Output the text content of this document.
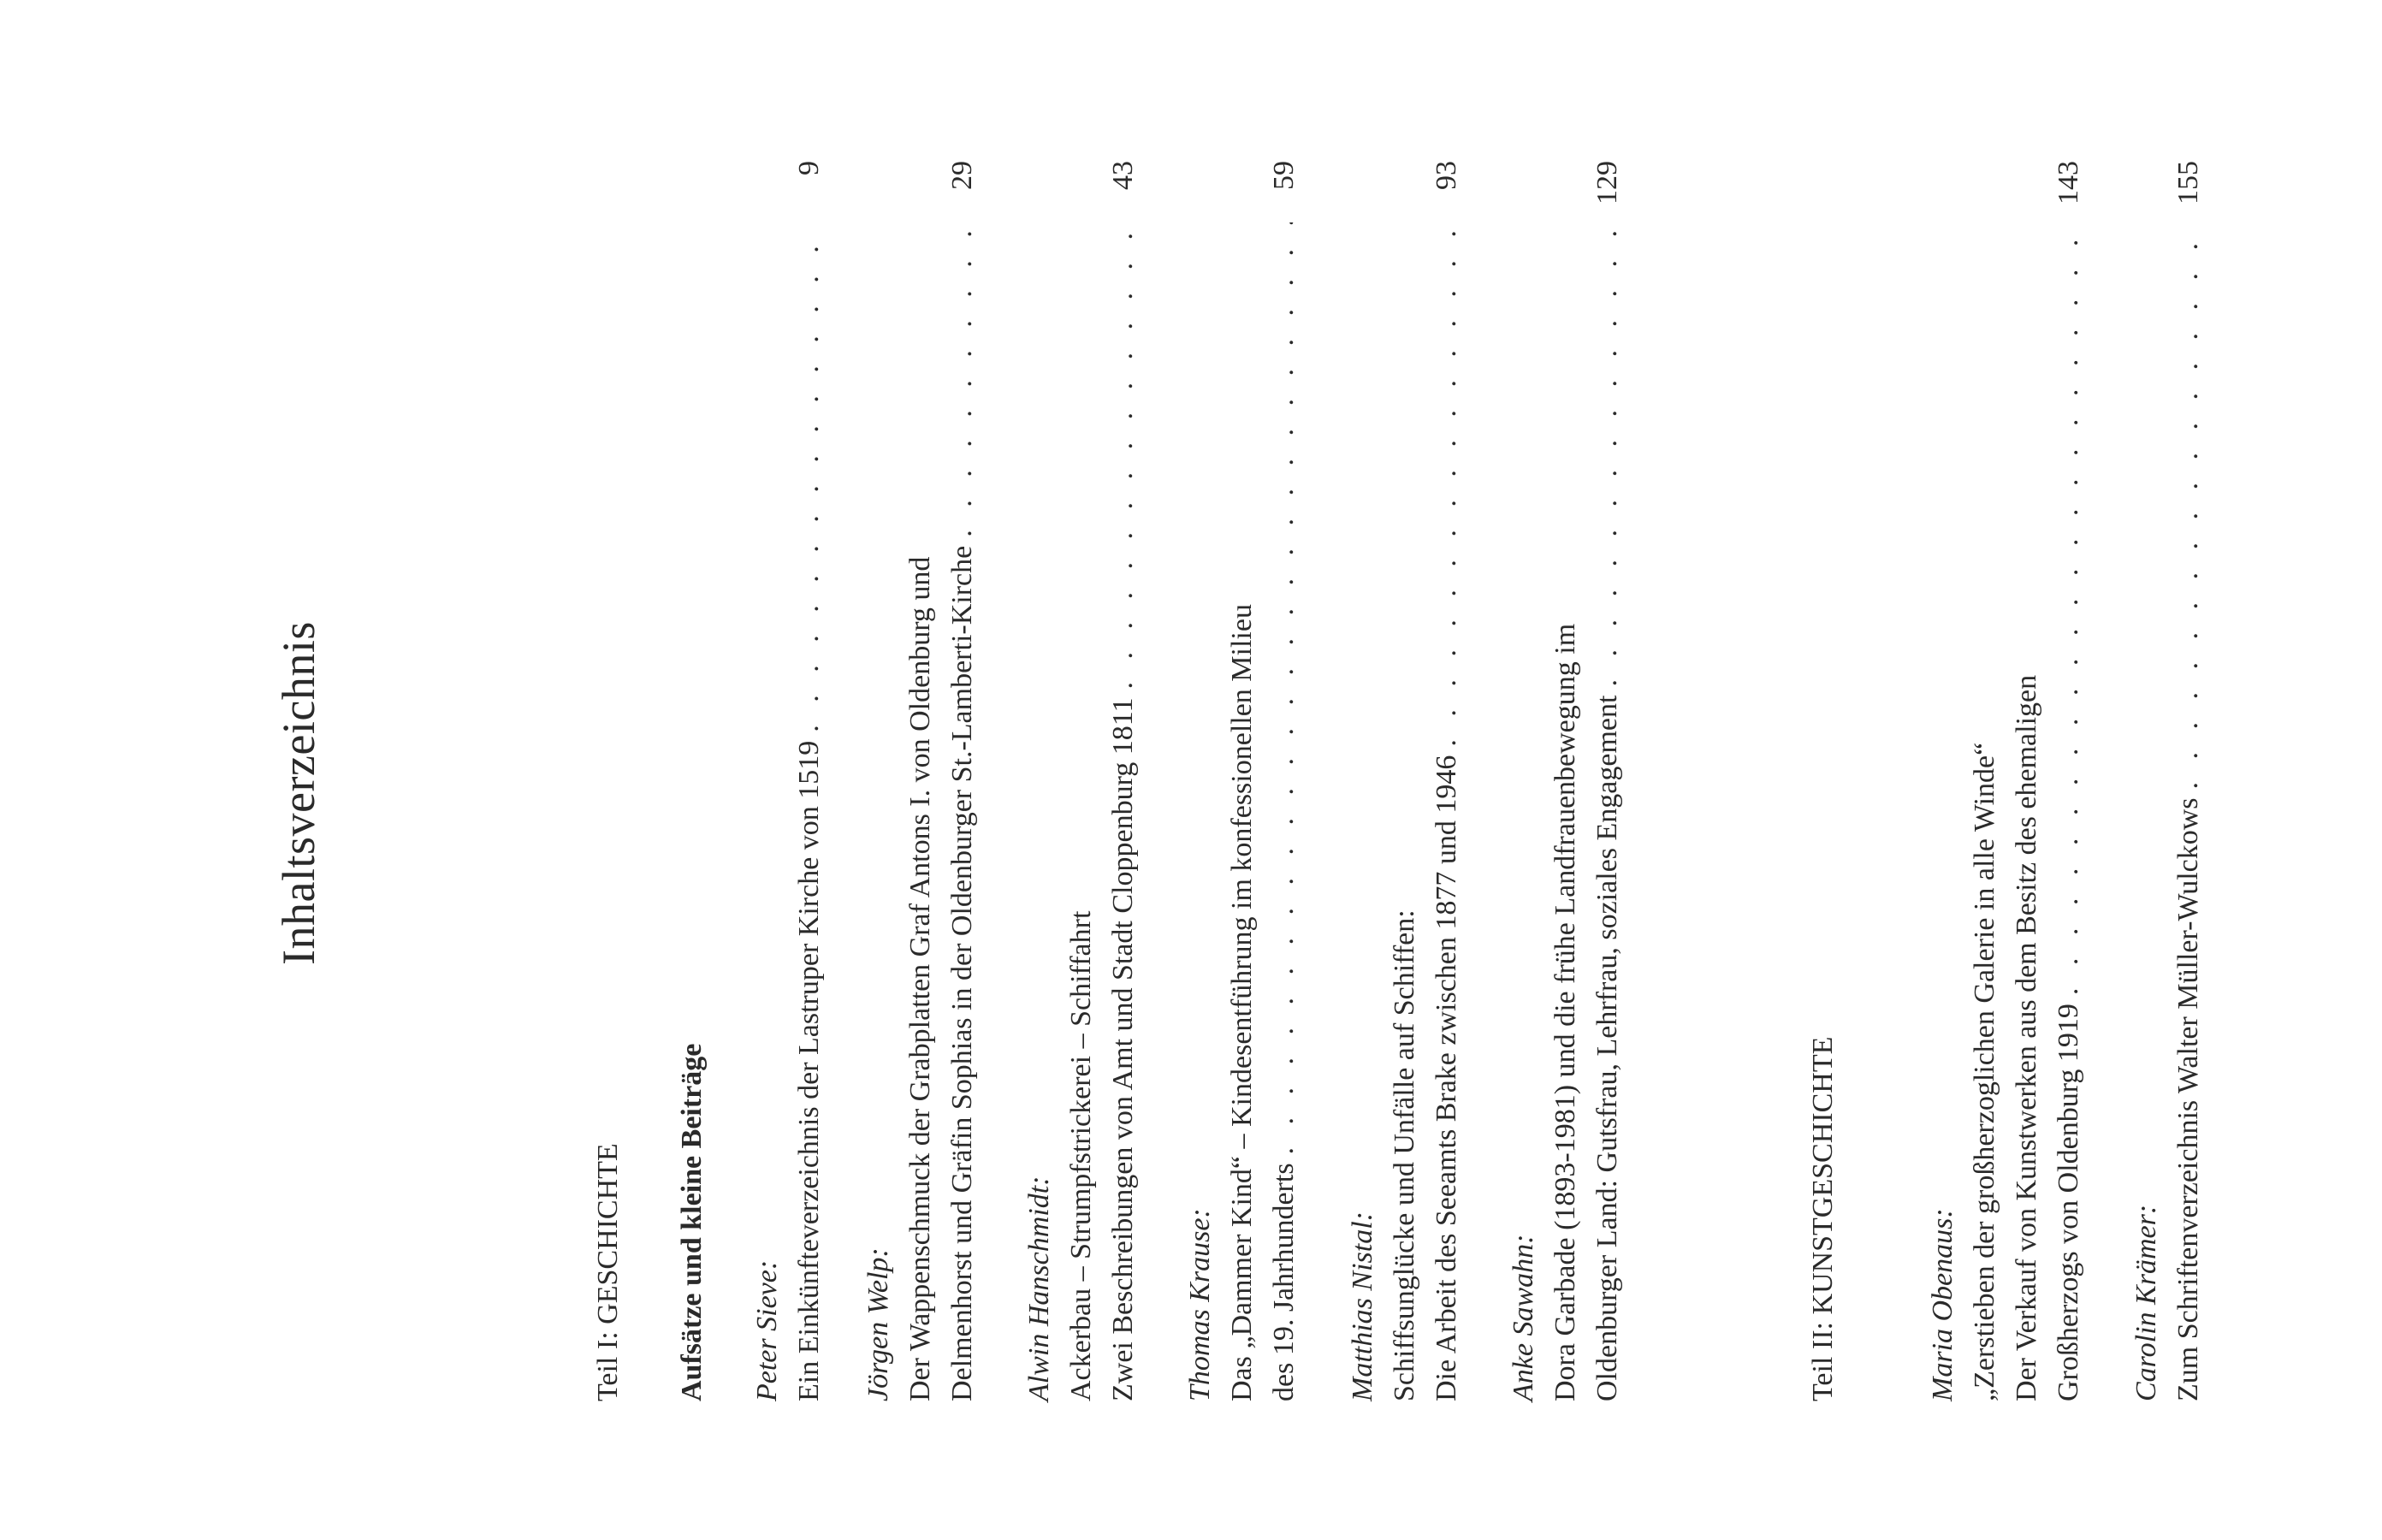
Inhaltsverzeichnis
Teil I: GESCHICHTE Aufsätze und kleine Beiträge Peter Sieve: Ein Einkünfteverzeichnis der Lastruper Kirche von 1519
. . .
9
Jörgen Welp: Der Wappenschmuck der Grabplatten Graf Antons I. von Oldenburg und Delmenhorst und Gräfin Sophias in der Oldenburger St.-Lamberti-Kirche
. . .
29
Alwin Hanschmidt: Ackerbau – Strumpfstrickerei – Schiffahrt Zwei Beschreibungen von Amt und Stadt Cloppenburg 1811
. . .
43
Thomas Krause: Das „Dammer Kind“ – Kindesentführung im konfessionellen Milieu des 19. Jahrhunderts
. . .
59
Matthias Nistal: Schiffsunglücke und Unfälle auf Schiffen: Die Arbeit des Seeamts Brake zwischen 1877 und 1946
. . .
93
Anke Sawahn: Dora Garbade (1893-1981) und die frühe Landfrauenbewegung im Oldenburger Land: Gutsfrau, Lehrfrau, soziales Engagement
. . .
129
Teil II: KUNSTGESCHICHTE	Maria Obenaus: „Zerstieben der großherzoglichen Galerie in alle Winde“ Der Verkauf von Kunstwerken aus dem Besitz des ehemaligen Großherzogs von Oldenburg 1919
. . .
143
Carolin Krämer: Zum Schriftenverzeichnis Walter Müller-Wulckows
. . .
155
